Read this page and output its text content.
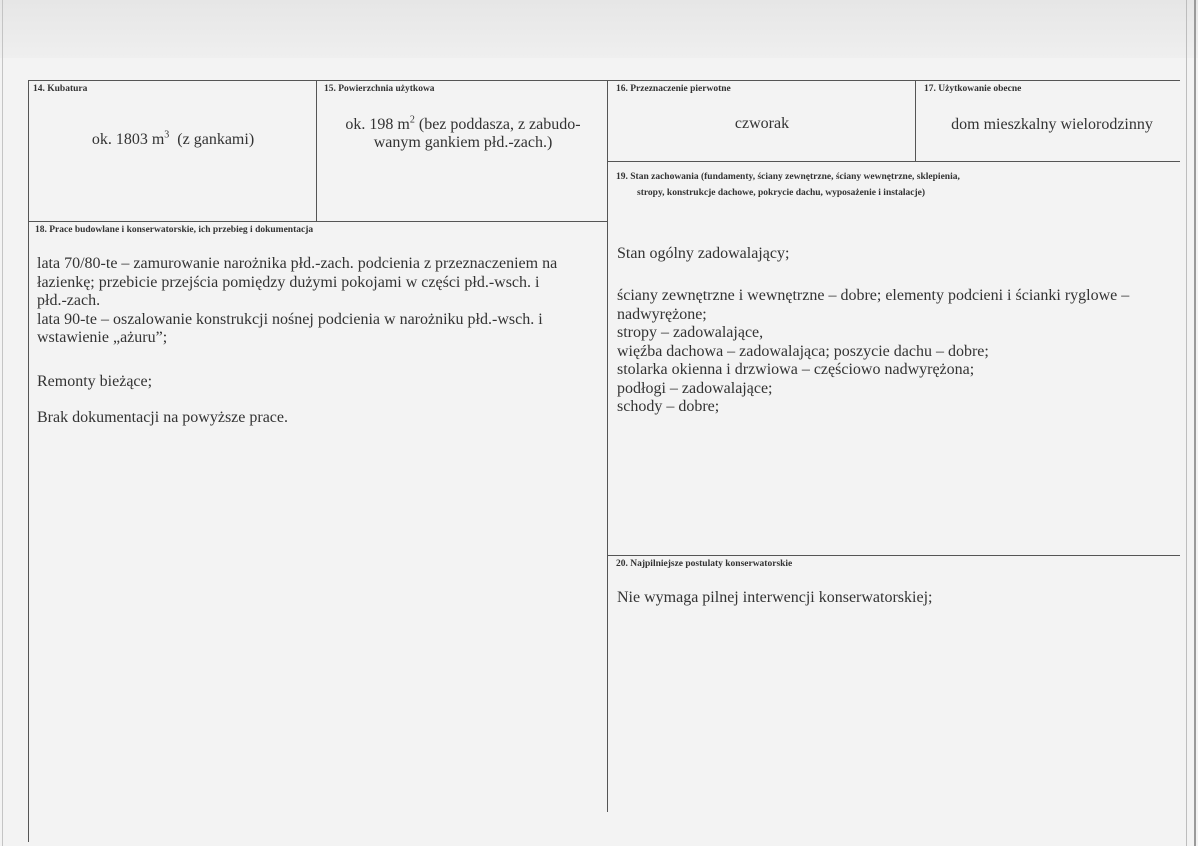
14. Kubatura
ok. 1803 $m^3$  (z gankami)
15. Powierzchnia użytkowa
ok. 198 $m^2$ (bez poddasza, z zabudo-
wanym gankiem płd.-zach.)
16. Przeznaczenie pierwotne
czworak
17. Użytkowanie obecne
dom mieszkalny wielorodzinny
18. Prace budowlane i konserwatorskie, ich przebieg i dokumentacja
lata 70/80-te – zamurowanie narożnika płd.-zach. podcienia z przeznaczeniem na
łazienkę; przebicie przejścia pomiędzy dużymi pokojami w części płd.-wsch. i
płd.-zach.
lata 90-te – oszalowanie konstrukcji nośnej podcienia w narożniku płd.-wsch. i
wstawienie „ażuru”;
Remonty bieżące;
Brak dokumentacji na powyższe prace.
19. Stan zachowania (fundamenty, ściany zewnętrzne, ściany wewnętrzne, sklepienia,
stropy, konstrukcje dachowe, pokrycie dachu, wyposażenie i instalacje)
Stan ogólny zadowalający;
ściany zewnętrzne i wewnętrzne – dobre; elementy podcieni i ścianki ryglowe –
nadwyrężone;
stropy – zadowalające,
więźba dachowa – zadowalająca; poszycie dachu – dobre;
stolarka okienna i drzwiowa – częściowo nadwyrężona;
podłogi – zadowalające;
schody – dobre;
20. Najpilniejsze postulaty konserwatorskie
Nie wymaga pilnej interwencji konserwatorskiej;
